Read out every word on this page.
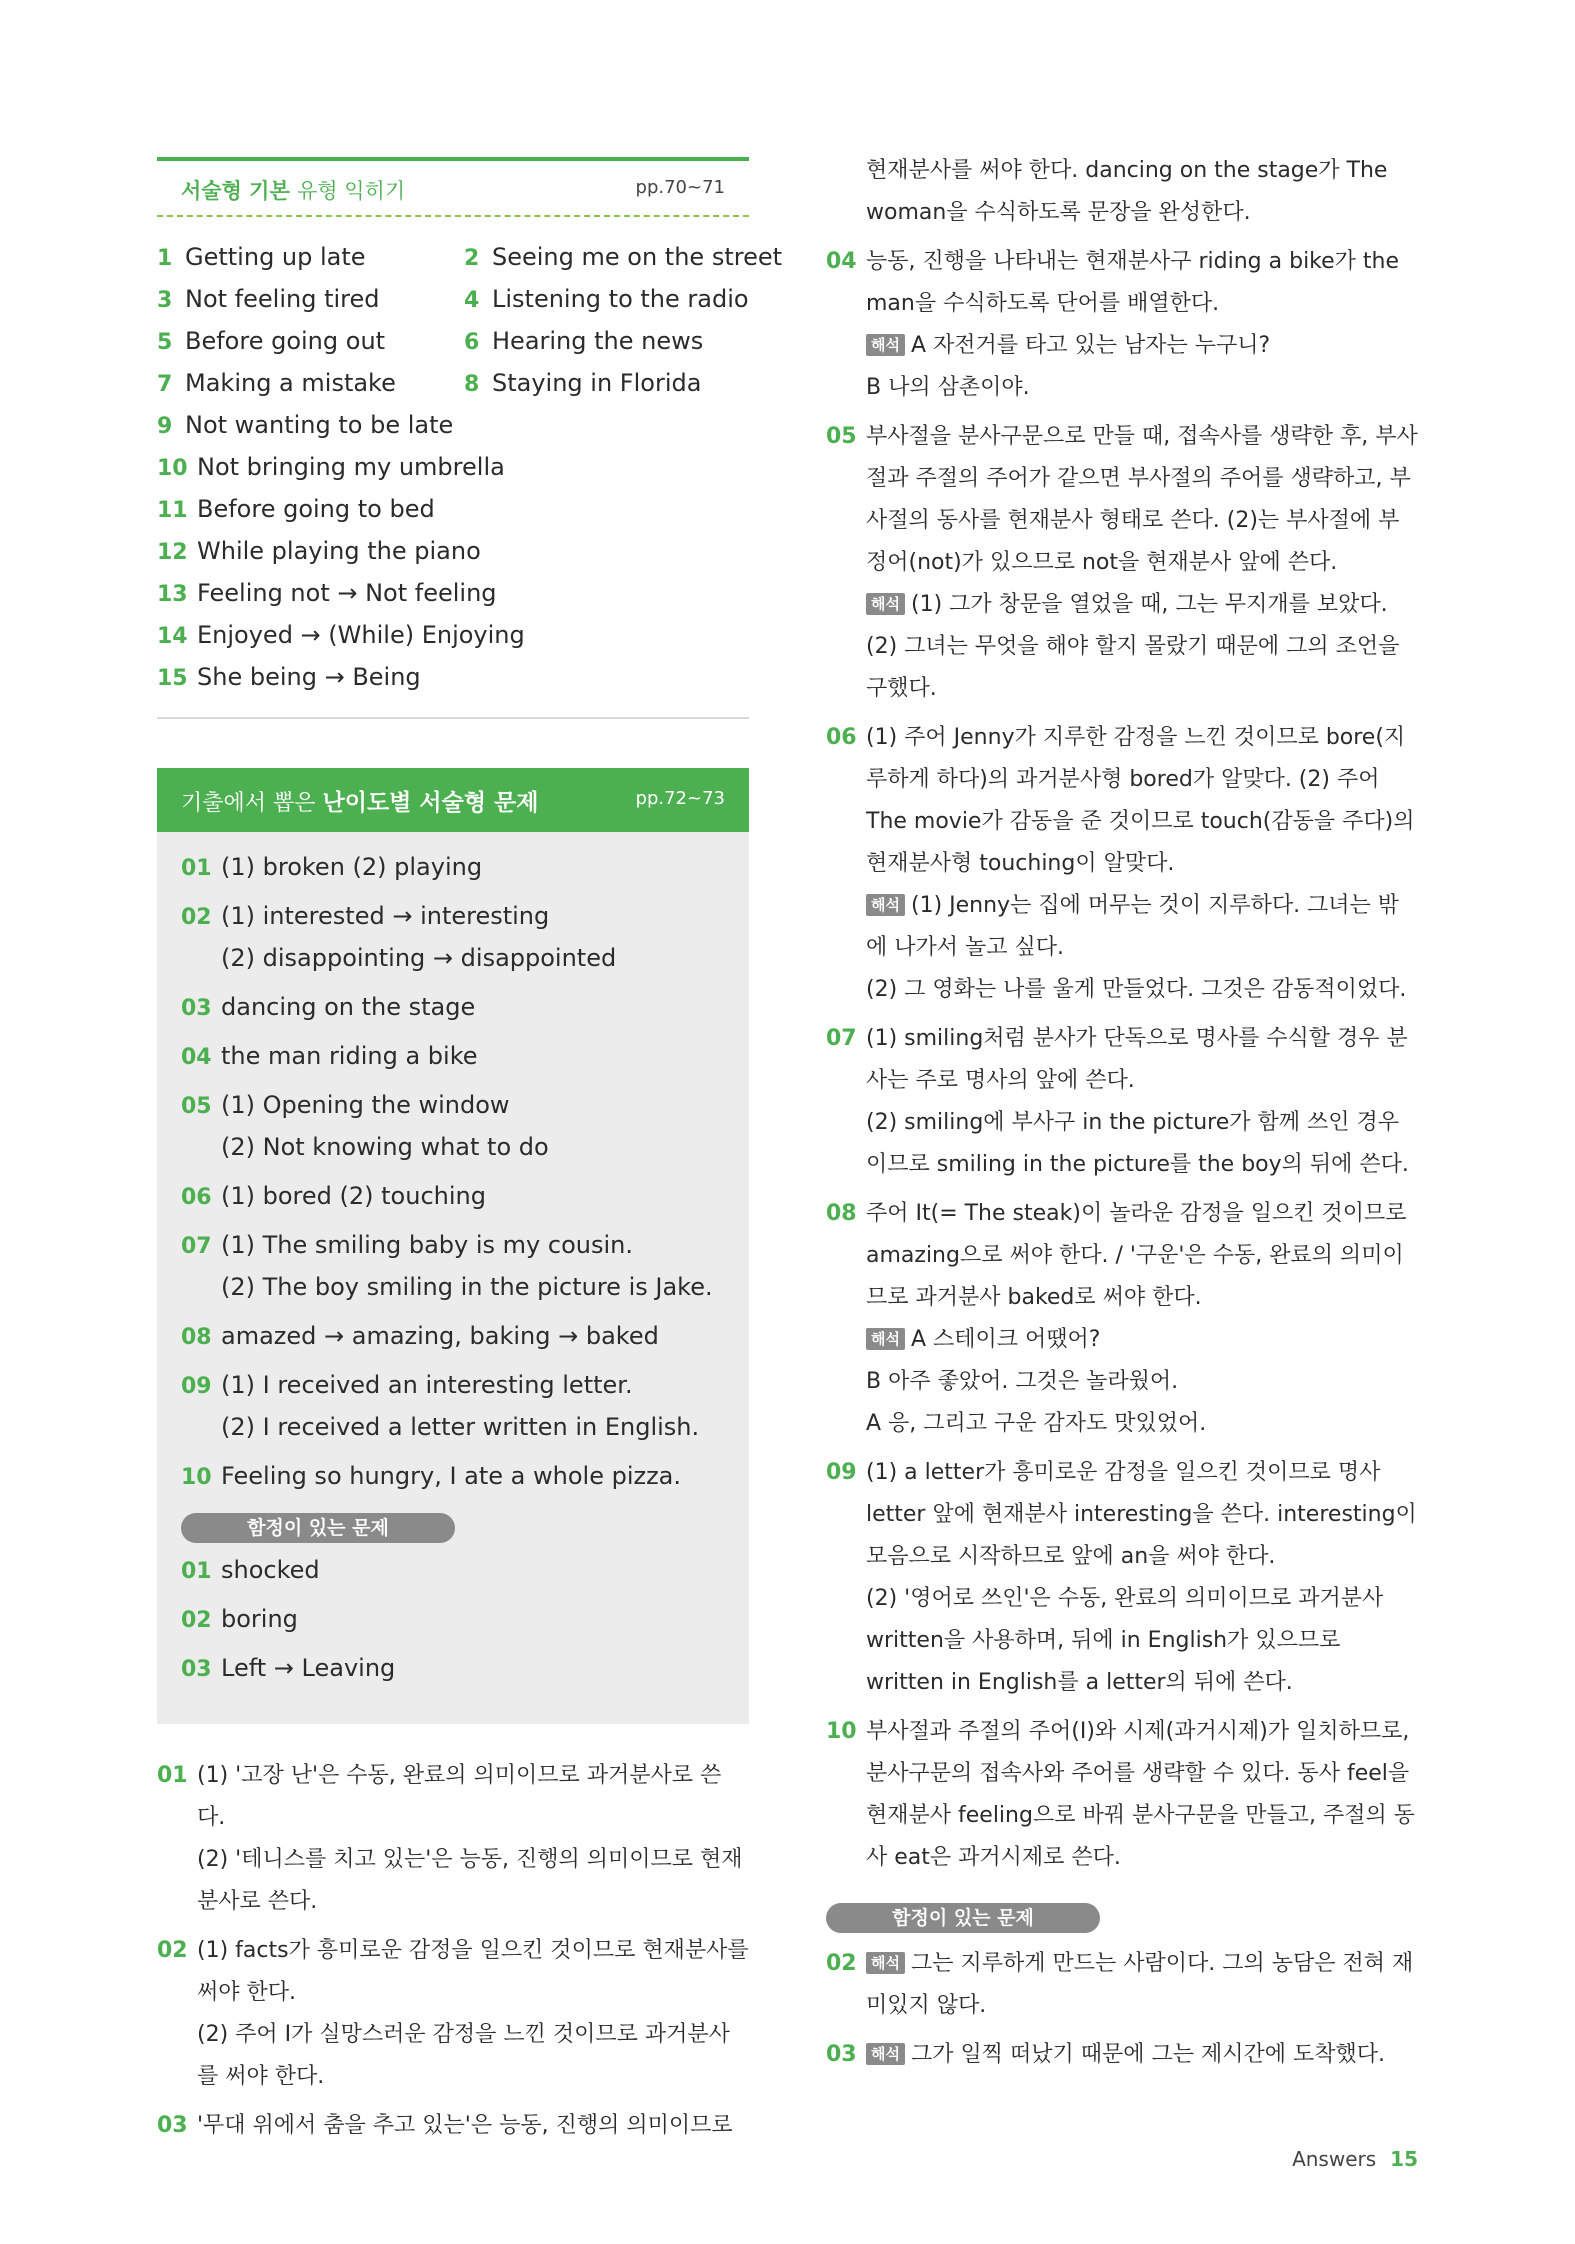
서술형 기본 유형 익히기	pp.70~71
1 Getting up late	2 Seeing me on the street
3 Not feeling tired	4 Listening to the radio
5 Before going out	6 Hearing the news
7 Making a mistake	8 Staying in Florida
9 Not wanting to be late
10 Not bringing my umbrella
11 Before going to bed
12 While playing the piano
13 Feeling not → Not feeling
14 Enjoyed → (While) Enjoying
15 She being → Being
기출에서 뽑은 난이도별 서술형 문제	pp.72~73
01 (1) broken (2) playing
02 (1) interested → interesting
(2) disappointing → disappointed
03 dancing on the stage
04 the man riding a bike
05 (1) Opening the window
(2) Not knowing what to do
06 (1) bored (2) touching
07 (1) The smiling baby is my cousin.
(2) The boy smiling in the picture is Jake.
08 amazed → amazing, baking → baked
09 (1) I received an interesting letter.
(2) I received a letter written in English.
10 Feeling so hungry, I ate a whole pizza.
함정이 있는 문제
01 shocked
02 boring
03 Left → Leaving
01 (1) '고장 난'은 수동, 완료의 의미이므로 과거분사로 쓴다.

(2) '테니스를 치고 있는'은 능동, 진행의 의미이므로 현재분사로 쓴다.

02 (1) facts가 흥미로운 감정을 일으킨 것이므로 현재분사를 써야 한다.

(2) 주어 I가 실망스러운 감정을 느낀 것이므로 과거분사를 써야 한다.

03 '무대 위에서 춤을 추고 있는'은 능동, 진행의 의미이므로

현재분사를 써야 한다. dancing on the stage가 The woman을 수식하도록 문장을 완성한다.

04 능동, 진행을 나타내는 현재분사구 riding a bike가 the man을 수식하도록 단어를 배열한다.

해석 A 자전거를 타고 있는 남자는 누구니?

B 나의 삼촌이야.

05 부사절을 분사구문으로 만들 때, 접속사를 생략한 후, 부사절과 주절의 주어가 같으면 부사절의 주어를 생략하고, 부사절의 동사를 현재분사 형태로 쓴다. (2)는 부사절에 부정어(not)가 있으므로 not을 현재분사 앞에 쓴다.

해석 (1) 그가 창문을 열었을 때, 그는 무지개를 보았다.

(2) 그녀는 무엇을 해야 할지 몰랐기 때문에 그의 조언을 구했다.

06 (1) 주어 Jenny가 지루한 감정을 느낀 것이므로 bore(지루하게 하다)의 과거분사형 bored가 알맞다. (2) 주어 The movie가 감동을 준 것이므로 touch(감동을 주다)의 현재분사형 touching이 알맞다.

해석 (1) Jenny는 집에 머무는 것이 지루하다. 그녀는 밖에 나가서 놀고 싶다.

(2) 그 영화는 나를 울게 만들었다. 그것은 감동적이었다.

07 (1) smiling처럼 분사가 단독으로 명사를 수식할 경우 분사는 주로 명사의 앞에 쓴다.

(2) smiling에 부사구 in the picture가 함께 쓰인 경우이므로 smiling in the picture를 the boy의 뒤에 쓴다.

08 주어 It(= The steak)이 놀라운 감정을 일으킨 것이므로 amazing으로 써야 한다. / '구운'은 수동, 완료의 의미이므로 과거분사 baked로 써야 한다.

해석 A 스테이크 어땠어?

B 아주 좋았어. 그것은 놀라웠어.

A 응, 그리고 구운 감자도 맛있었어.

09 (1) a letter가 흥미로운 감정을 일으킨 것이므로 명사 letter 앞에 현재분사 interesting을 쓴다. interesting이 모음으로 시작하므로 앞에 an을 써야 한다.

(2) '영어로 쓰인'은 수동, 완료의 의미이므로 과거분사 written을 사용하며, 뒤에 in English가 있으므로 written in English를 a letter의 뒤에 쓴다.

10 부사절과 주절의 주어(I)와 시제(과거시제)가 일치하므로, 분사구문의 접속사와 주어를 생략할 수 있다. 동사 feel을 현재분사 feeling으로 바꿔 분사구문을 만들고, 주절의 동사 eat은 과거시제로 쓴다.

함정이 있는 문제
02 해석 그는 지루하게 만드는 사람이다. 그의 농담은 전혀 재미있지 않다.

03 해석 그가 일찍 떠났기 때문에 그는 제시간에 도착했다.

Answers 15
